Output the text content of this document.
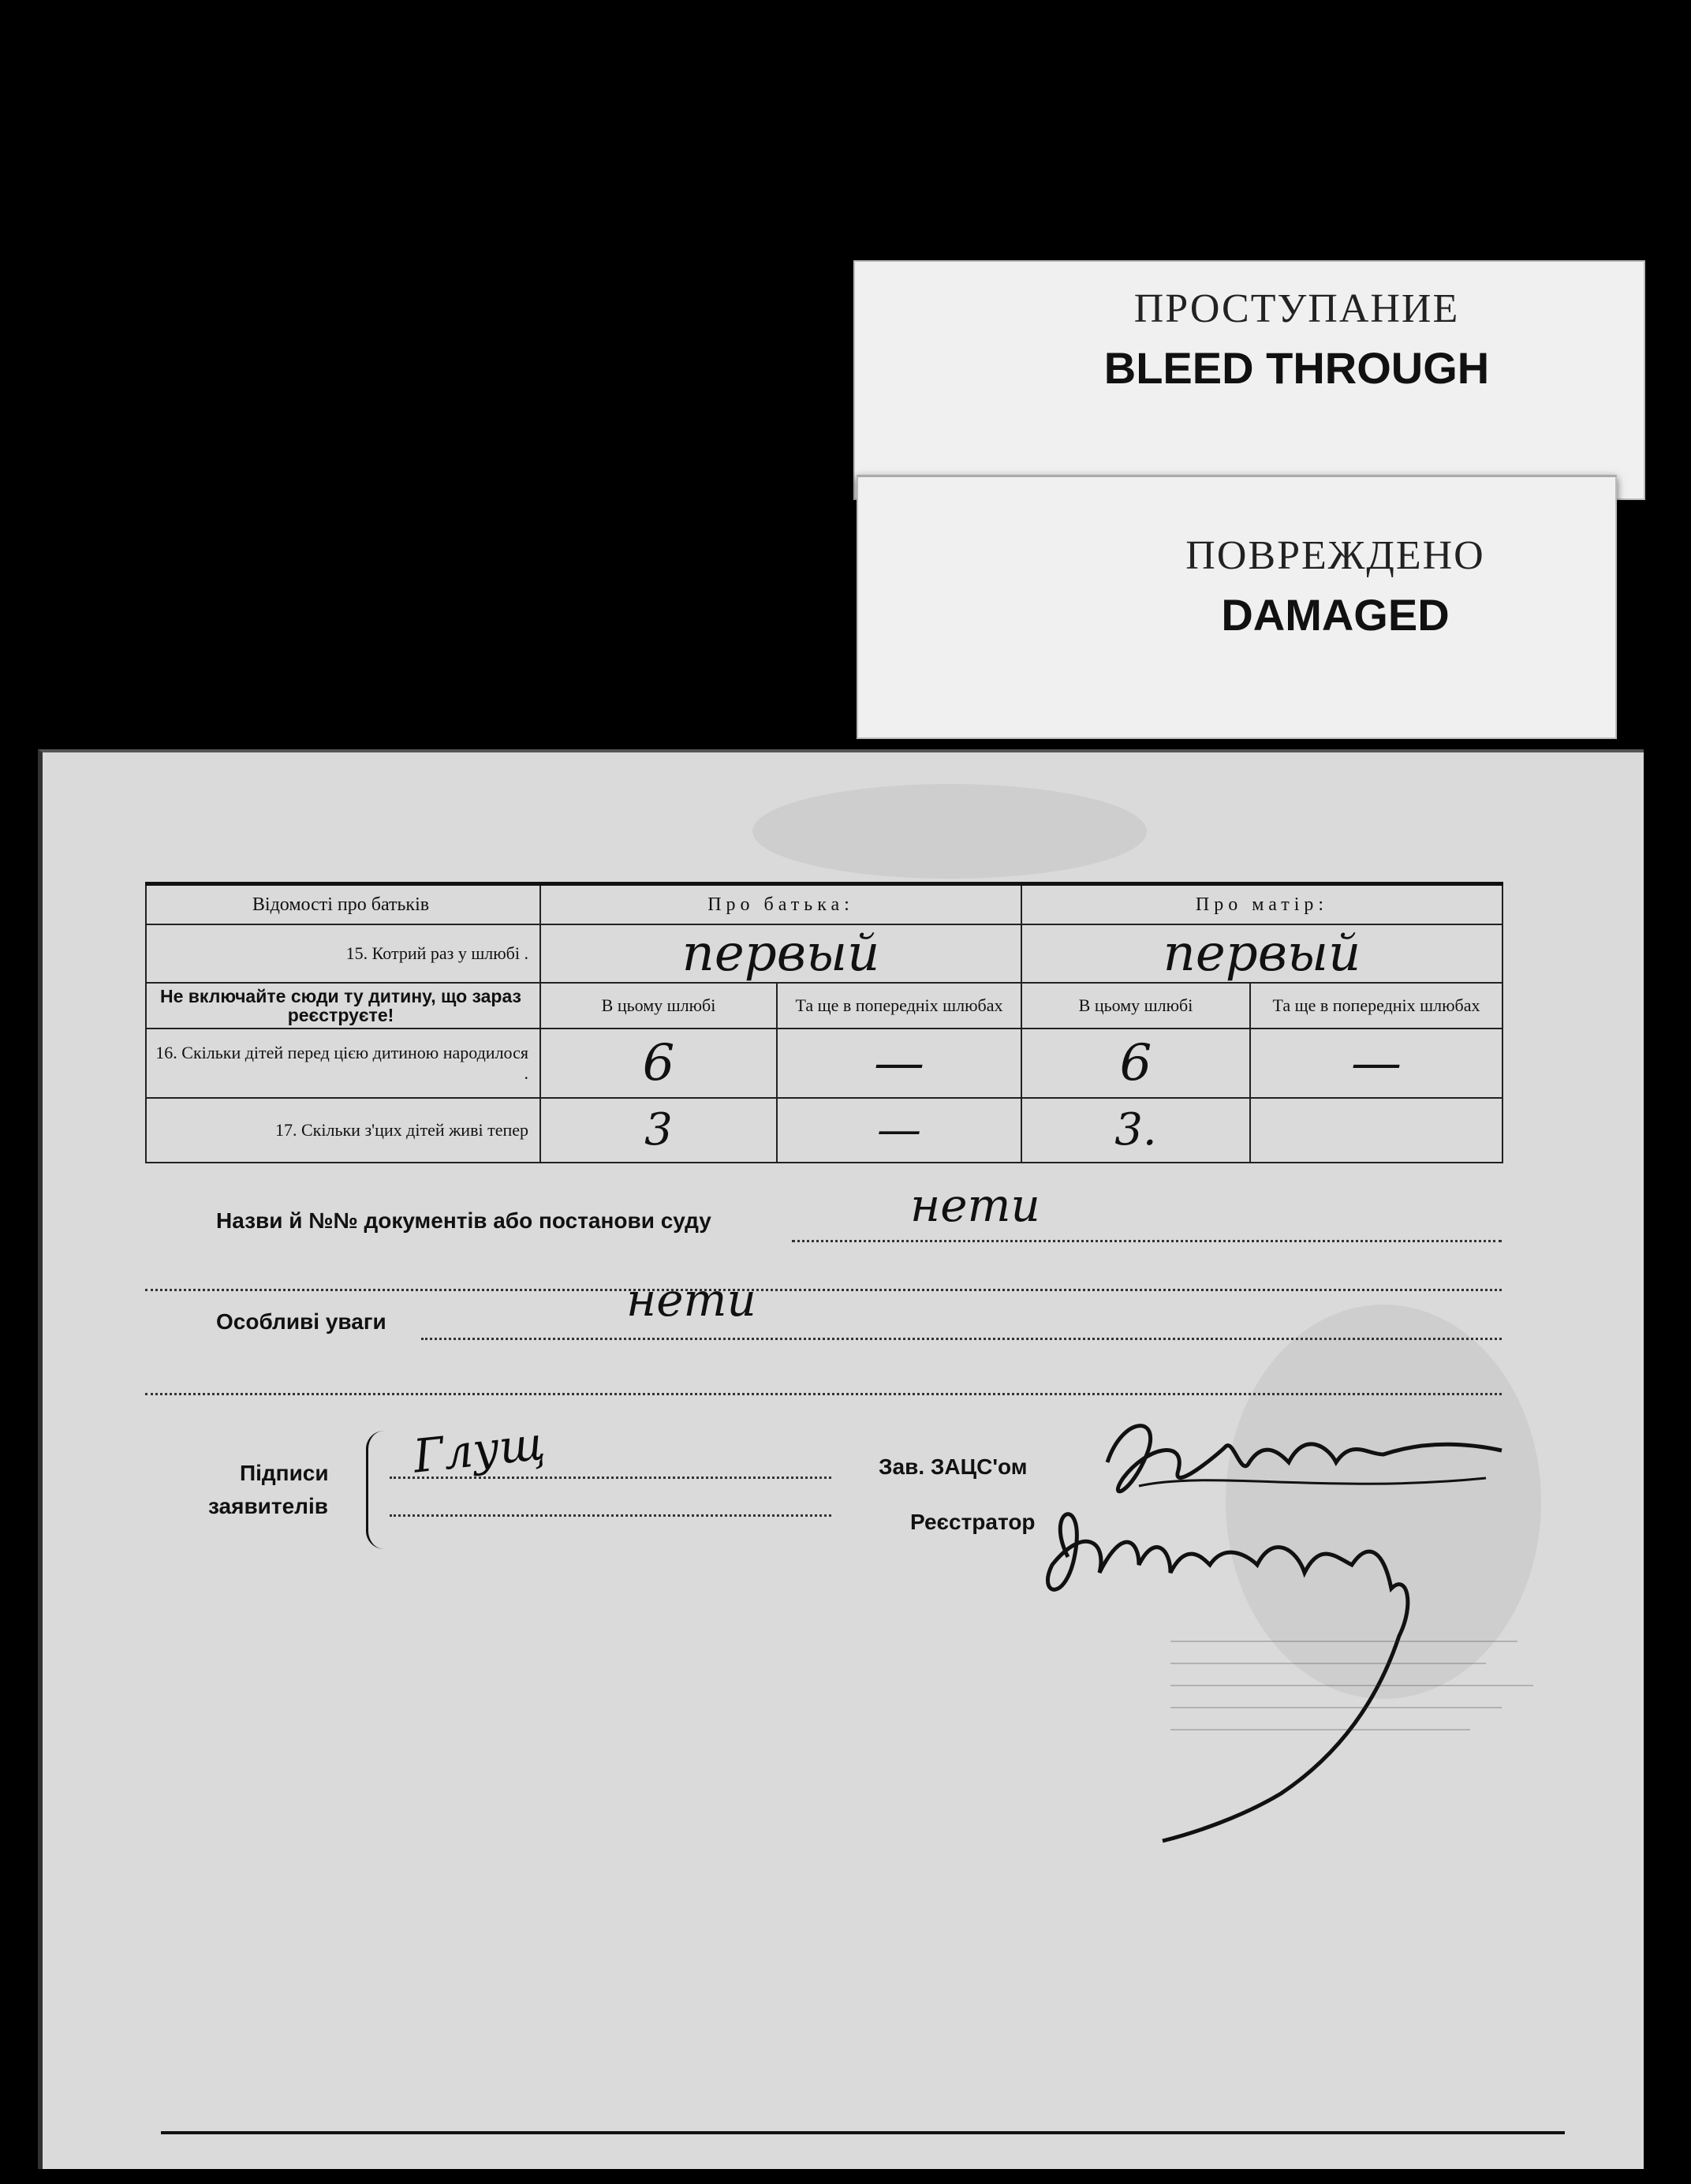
ПРОСТУПАНИЕ
BLEED THROUGH
ПОВРЕЖДЕНО
DAMAGED
Відомості про батьків	Про батька:		Про матір:	
15. Котрий раз у шлюбі .	первый		первый	
Не включайте сюди ту дитину, що зараз реєструєте!	В цьому шлюбі	Та ще в попередніх шлюбах	В цьому шлюбі	Та ще в попередніх шлюбах
16. Скільки дітей перед цією дитиною народилося .	6	—	6	—
17. Скільки з'цих дітей живі тепер	3	—	3.	
Назви й №№ документів або постанови суду	нети
Особливі уваги	нети
Підписи
заявителів
Глущ	Зав. ЗАЦС'ом
Реєстратор
